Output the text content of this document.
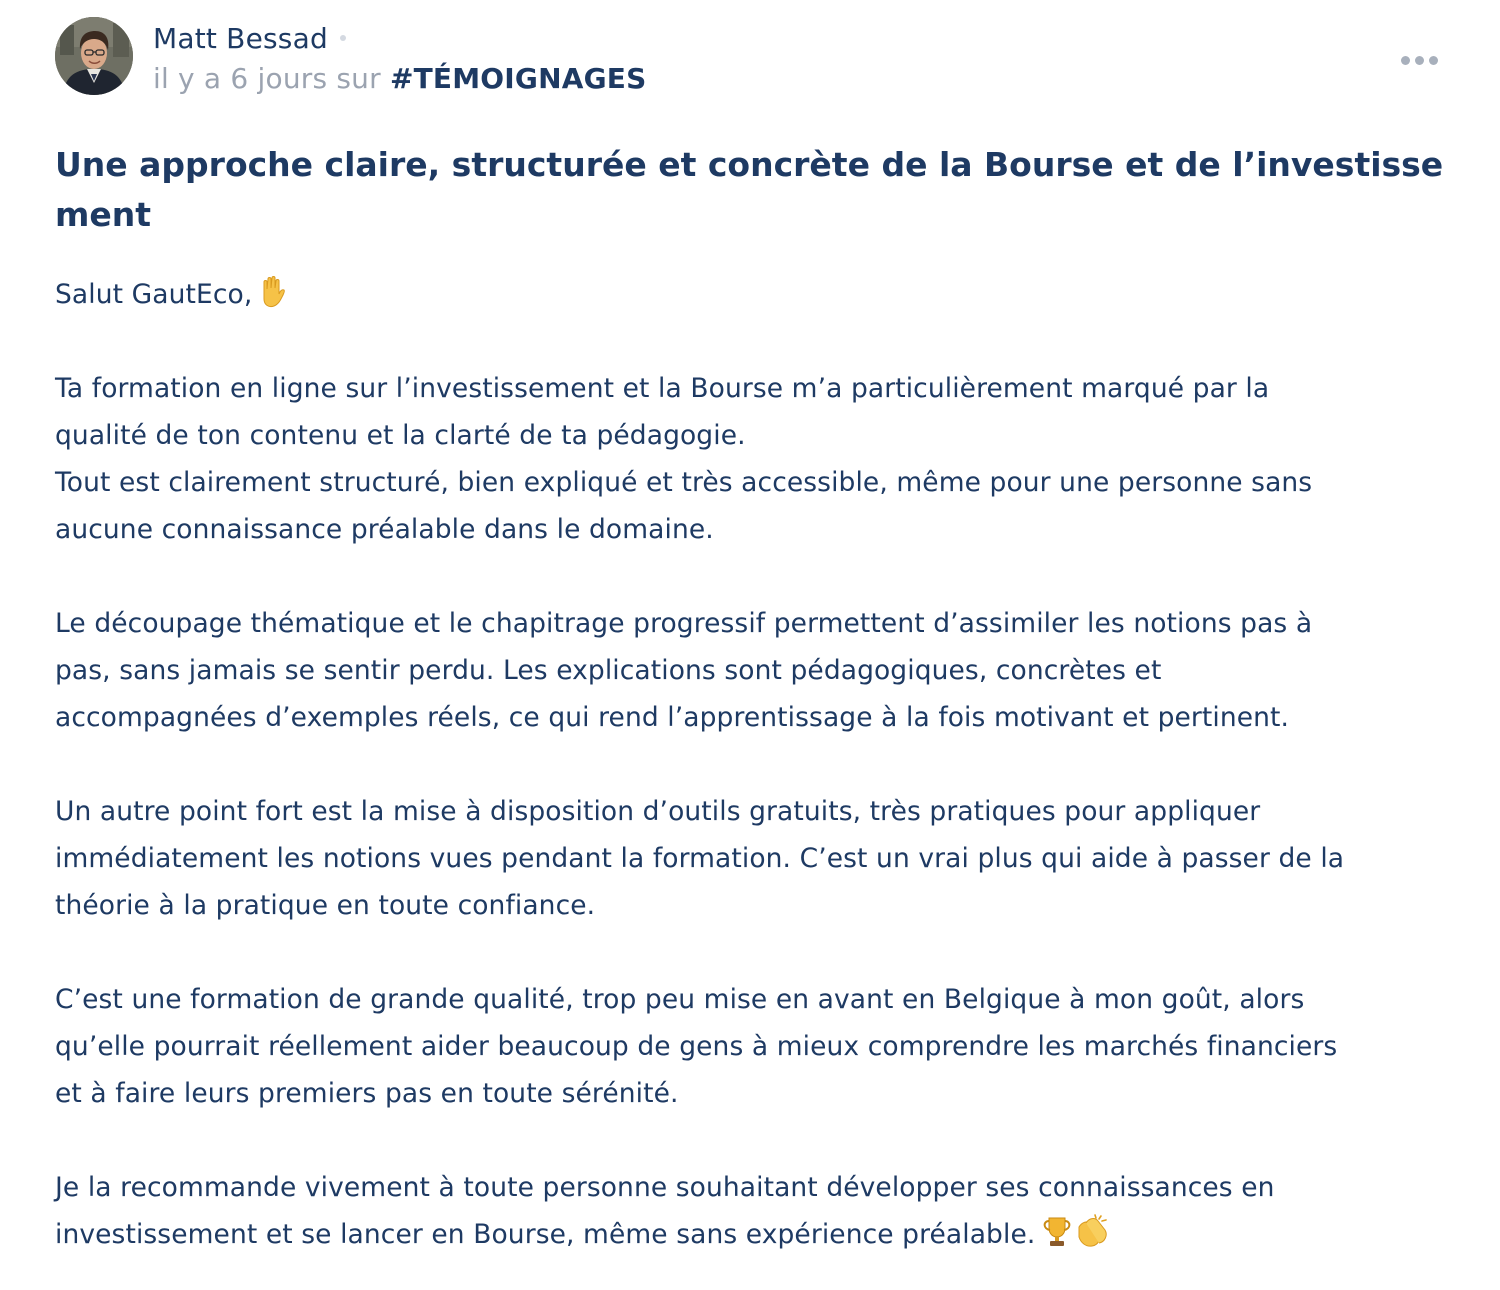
Matt Bessad
il y a 6 jours sur #TÉMOIGNAGES
Une approche claire, structurée et concrète de la Bourse et de l’investissement

Salut GautEco,

Ta formation en ligne sur l’investissement et la Bourse m’a particulièrement marqué par la
qualité de ton contenu et la clarté de ta pédagogie.
Tout est clairement structuré, bien expliqué et très accessible, même pour une personne sans
aucune connaissance préalable dans le domaine.

Le découpage thématique et le chapitrage progressif permettent d’assimiler les notions pas à
pas, sans jamais se sentir perdu. Les explications sont pédagogiques, concrètes et
accompagnées d’exemples réels, ce qui rend l’apprentissage à la fois motivant et pertinent.

Un autre point fort est la mise à disposition d’outils gratuits, très pratiques pour appliquer
immédiatement les notions vues pendant la formation. C’est un vrai plus qui aide à passer de la
théorie à la pratique en toute confiance.

C’est une formation de grande qualité, trop peu mise en avant en Belgique à mon goût, alors
qu’elle pourrait réellement aider beaucoup de gens à mieux comprendre les marchés financiers
et à faire leurs premiers pas en toute sérénité.

Je la recommande vivement à toute personne souhaitant développer ses connaissances en
investissement et se lancer en Bourse, même sans expérience préalable.
